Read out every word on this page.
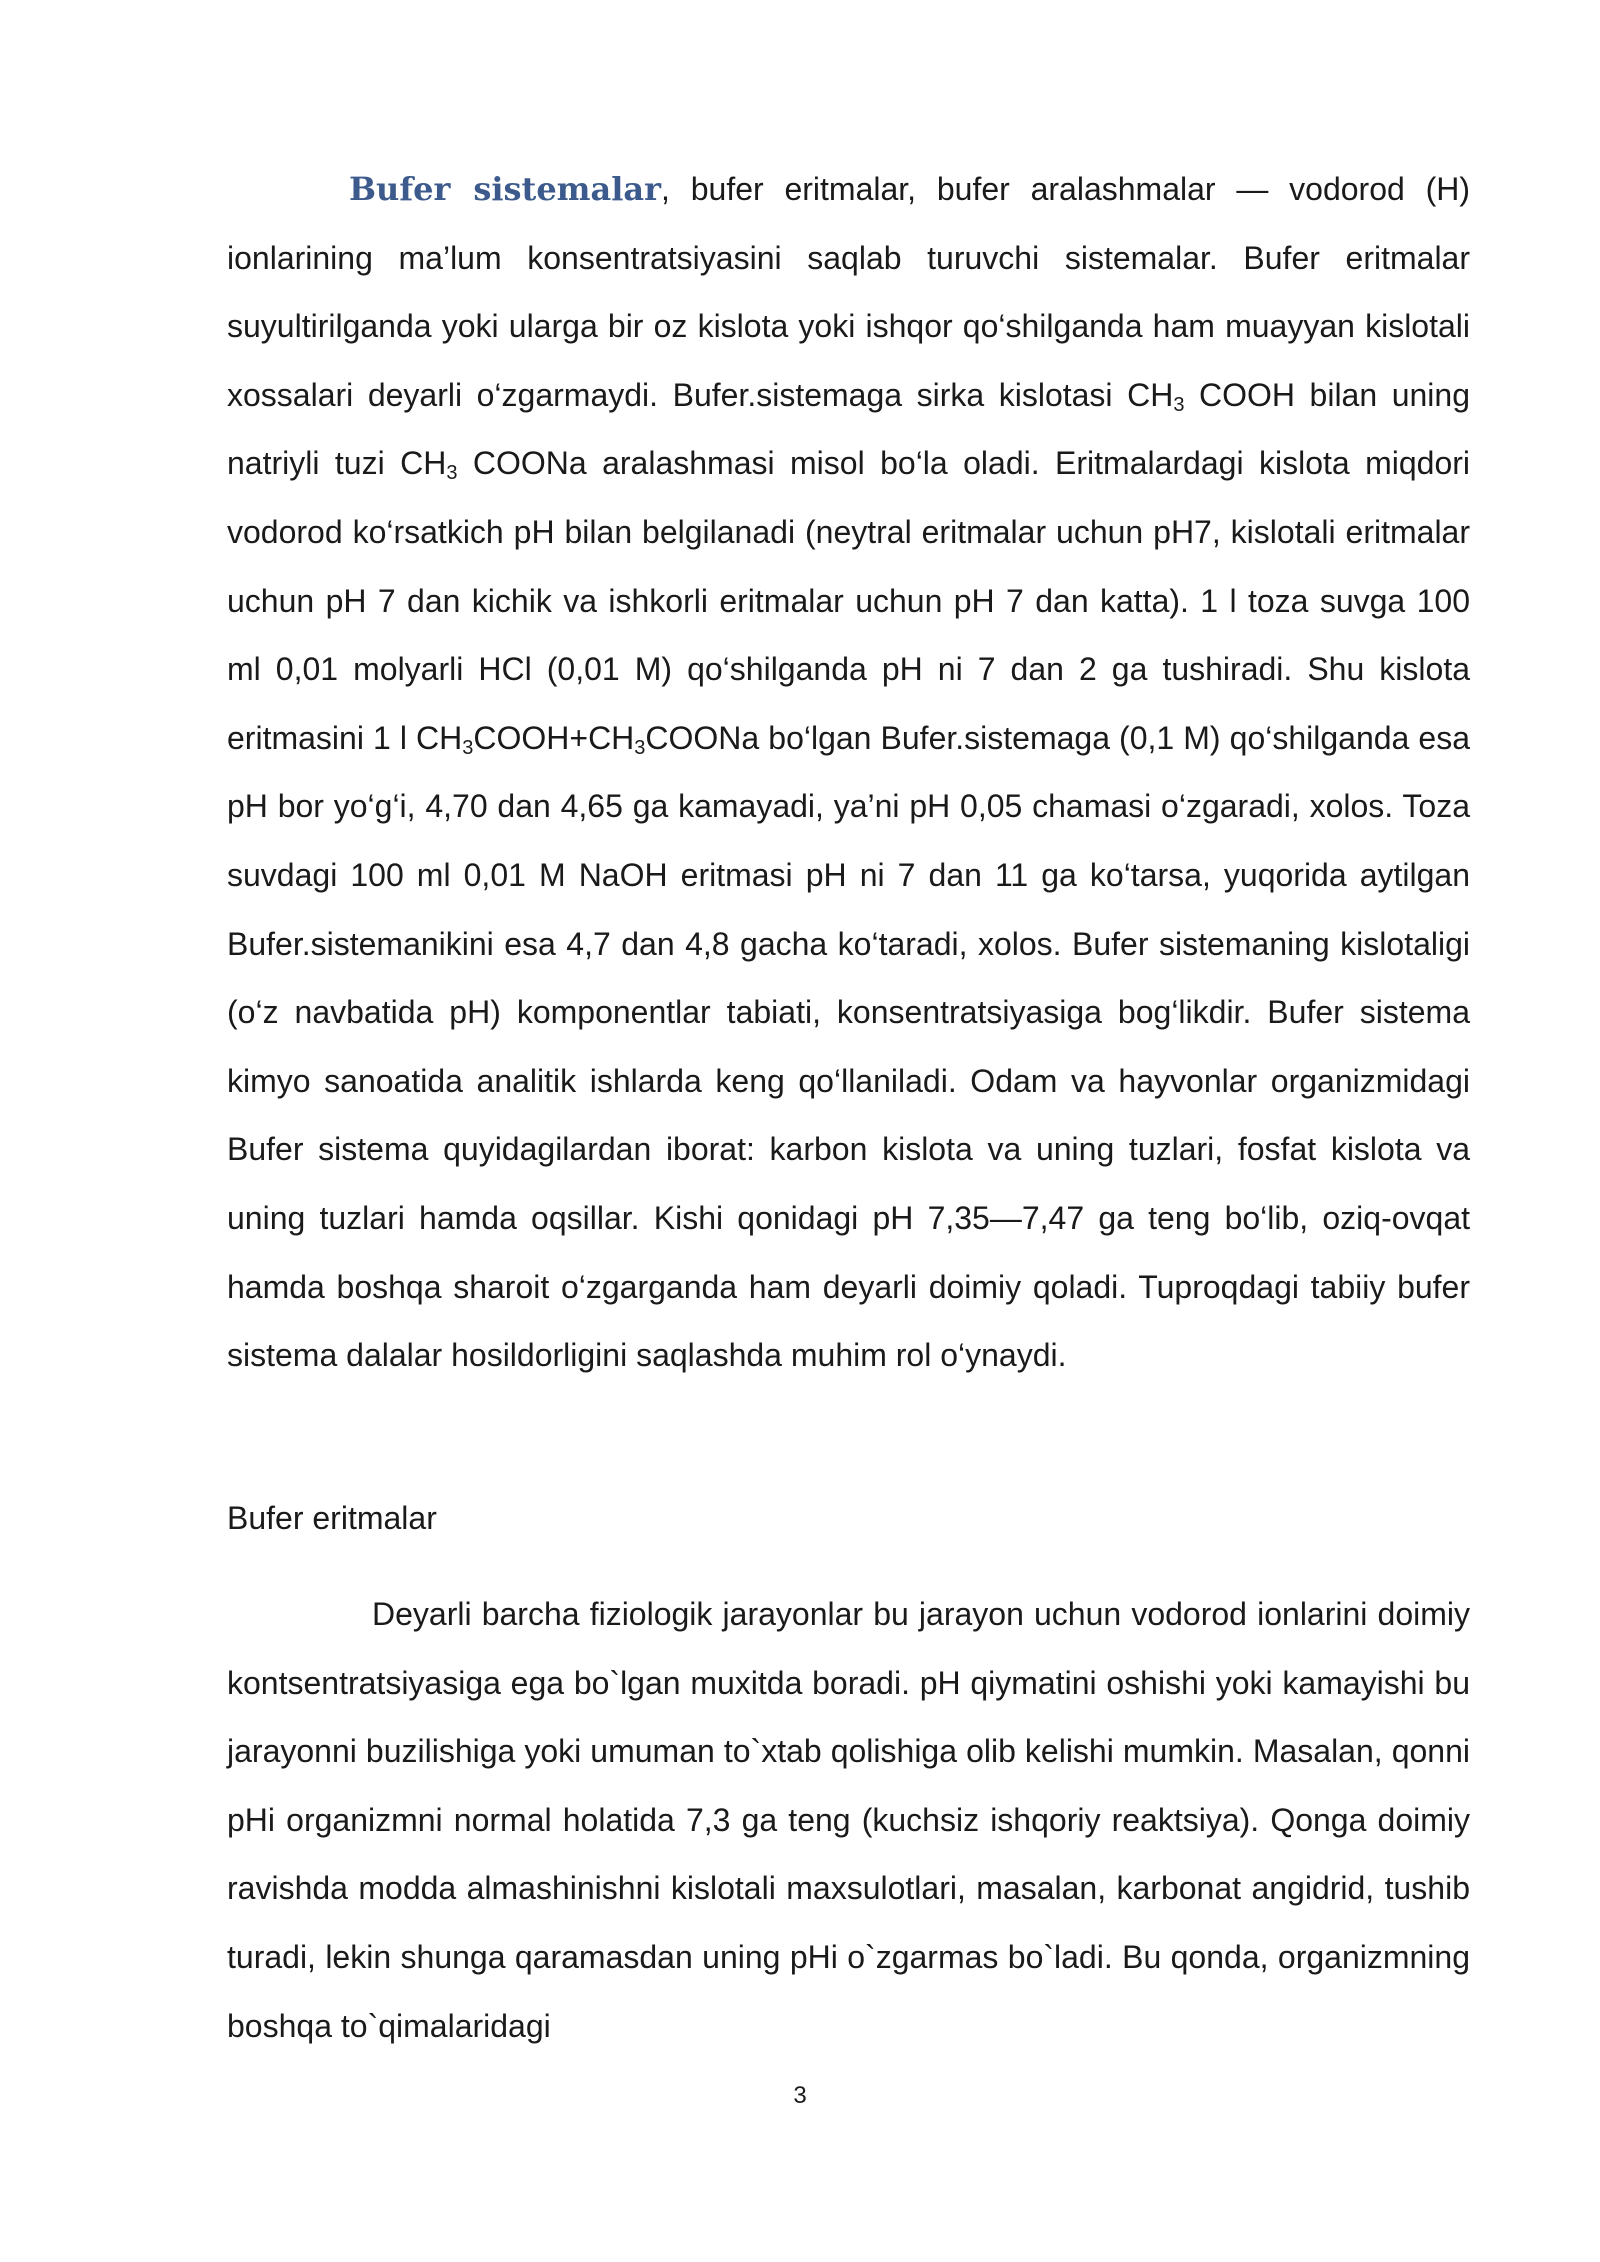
Bufer sistemalar, bufer eritmalar, bufer aralashmalar — vodorod (H) ionlarining ma’lum konsentratsiyasini saqlab turuvchi sistemalar. Bufer eritmalar suyultirilganda yoki ularga bir oz kislota yoki ishqor qo‘shilganda ham muayyan kislotali xossalari deyarli o‘zgarmaydi. Bufer.sistemaga sirka kislotasi $CH_3$ COOH bilan uning natriyli tuzi $CH_3$ COONa aralashmasi misol bo‘la oladi. Eritmalardagi kislota miqdori vodorod ko‘rsatkich pH bilan belgilanadi (neytral eritmalar uchun pH7, kislotali eritmalar uchun pH 7 dan kichik va ishkorli eritmalar uchun pH 7 dan katta). 1 l toza suvga 100 ml 0,01 molyarli HCl (0,01 M) qo‘shilganda pH ni 7 dan 2 ga tushiradi. Shu kislota eritmasini 1 l $CH_3COOH+CH_3COONa$ bo‘lgan Bufer.sistemaga (0,1 M) qo‘shilganda esa pH bor yo‘g‘i, 4,70 dan 4,65 ga kamayadi, ya’ni pH 0,05 chamasi o‘zgaradi, xolos. Toza suvdagi 100 ml 0,01 M NaOH eritmasi pH ni 7 dan 11 ga ko‘tarsa, yuqorida aytilgan Bufer.sistemanikini esa 4,7 dan 4,8 gacha ko‘taradi, xolos. Bufer sistemaning kislotaligi (o‘z navbatida pH) komponentlar tabiati, konsentratsiyasiga bog‘likdir. Bufer sistema kimyo sanoatida analitik ishlarda keng qo‘llaniladi. Odam va hayvonlar organizmidagi Bufer sistema quyidagilardan iborat: karbon kislota va uning tuzlari, fosfat kislota va uning tuzlari hamda oqsillar. Kishi qonidagi pH 7,35—7,47 ga teng bo‘lib, oziq-ovqat hamda boshqa sharoit o‘zgarganda ham deyarli doimiy qoladi. Tuproqdagi tabiiy bufer sistema dalalar hosildorligini saqlashda muhim rol o‘ynaydi.

Bufer eritmalar

Deyarli barcha fiziologik jarayonlar bu jarayon uchun vodorod ionlarini doimiy kontsentratsiyasiga ega bo`lgan muxitda boradi. pH qiymatini oshishi yoki kamayishi bu jarayonni buzilishiga yoki umuman to`xtab qolishiga olib kelishi mumkin. Masalan, qonni pHi organizmni normal holatida 7,3 ga teng (kuchsiz ishqoriy reaktsiya). Qonga doimiy ravishda modda almashinishni kislotali maxsulotlari, masalan, karbonat angidrid, tushib turadi, lekin shunga qaramasdan uning pHi o`zgarmas bo`ladi. Bu qonda, organizmning boshqa to`qimalaridagi

3
